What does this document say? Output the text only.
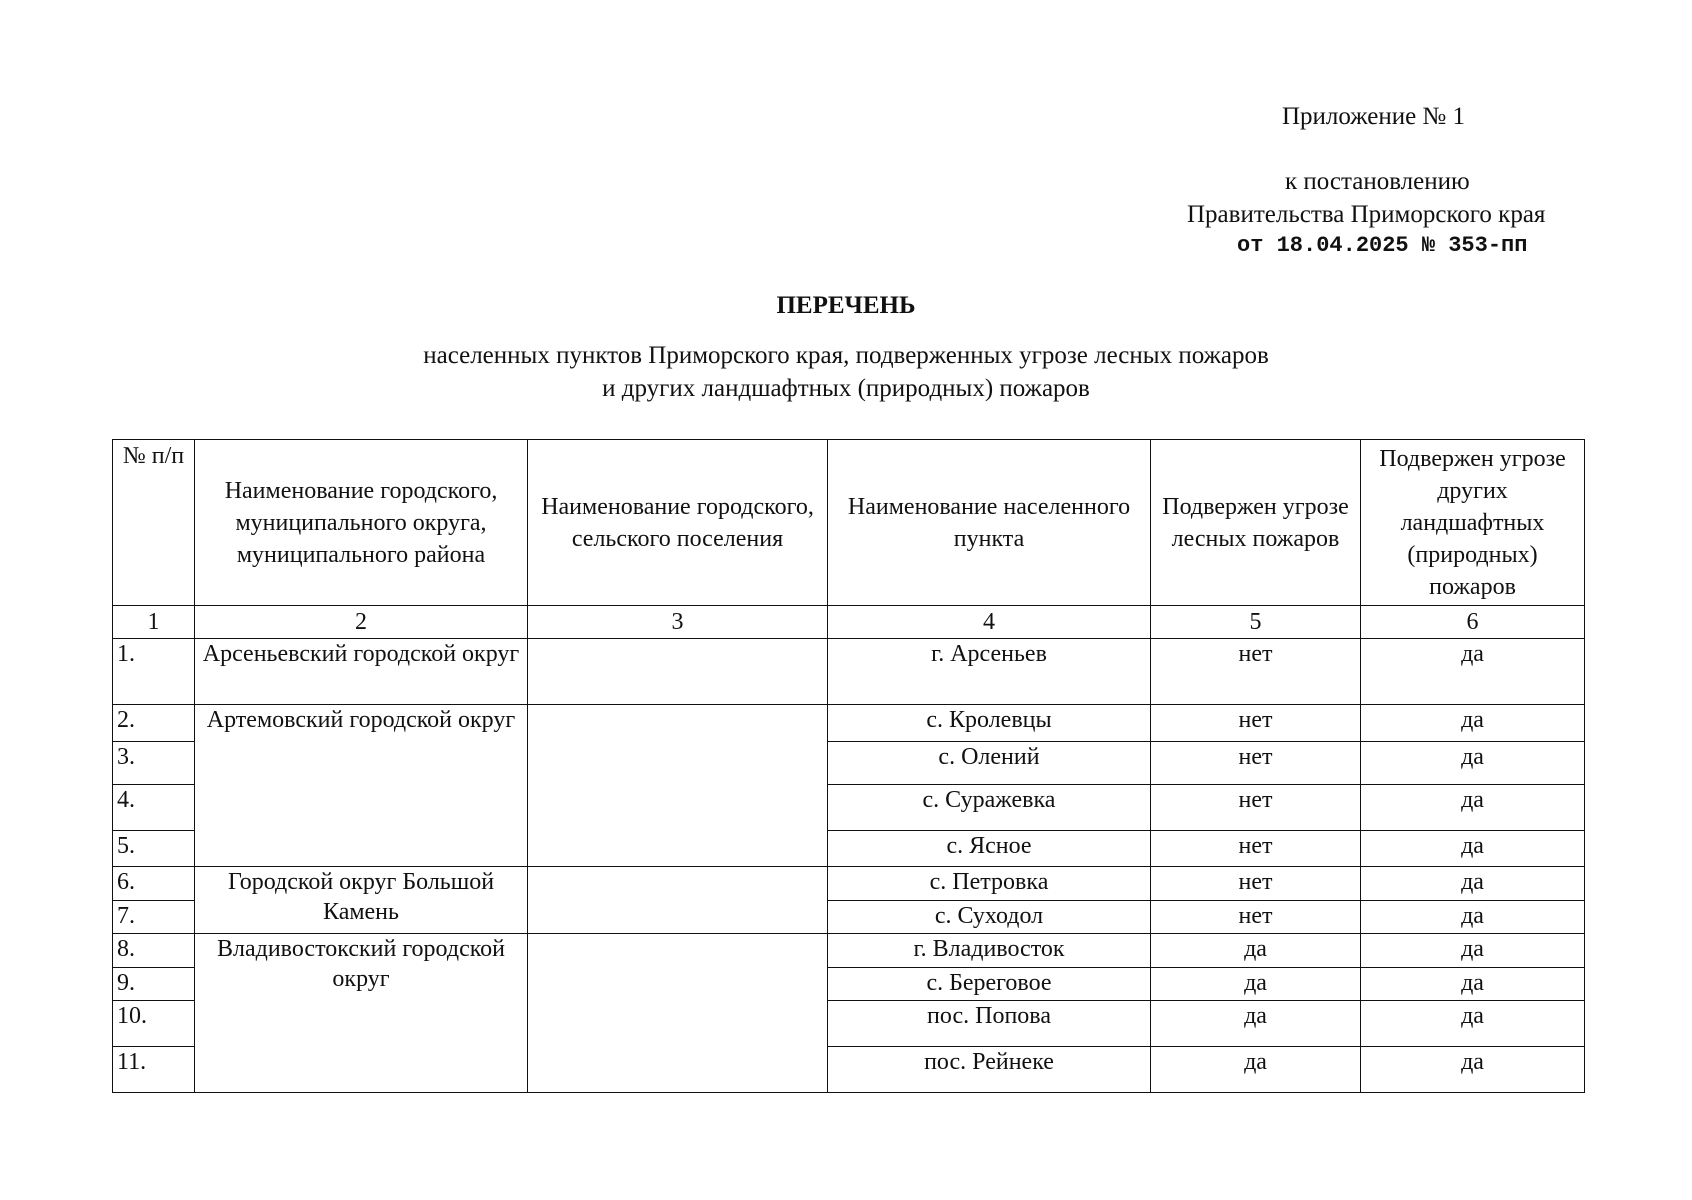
Приложение № 1
к постановлению
Правительства Приморского края
от 18.04.2025 № 353-пп
ПЕРЕЧЕНЬ
населенных пунктов Приморского края, подверженных угрозе лесных пожаров
и других ландшафтных (природных) пожаров
№ п/п	Наименование городского, муниципального округа, муниципального района	Наименование городского, сельского поселения	Наименование населенного пункта	Подвержен угрозе лесных пожаров	Подвержен угрозе других ландшафтных (природных) пожаров
1	2	3	4	5	6
1.	Арсеньевский городской округ		г. Арсеньев	нет	да
2.	Артемовский городской округ		с. Кролевцы	нет	да
3.			с. Олений	нет	да
4.			с. Суражевка	нет	да
5.			с. Ясное	нет	да
6.	Городской округ Большой Камень		с. Петровка	нет	да
7.			с. Суходол	нет	да
8.	Владивостокский городской округ		г. Владивосток	да	да
9.			с. Береговое	да	да
10.			пос. Попова	да	да
11.			пос. Рейнеке	да	да
